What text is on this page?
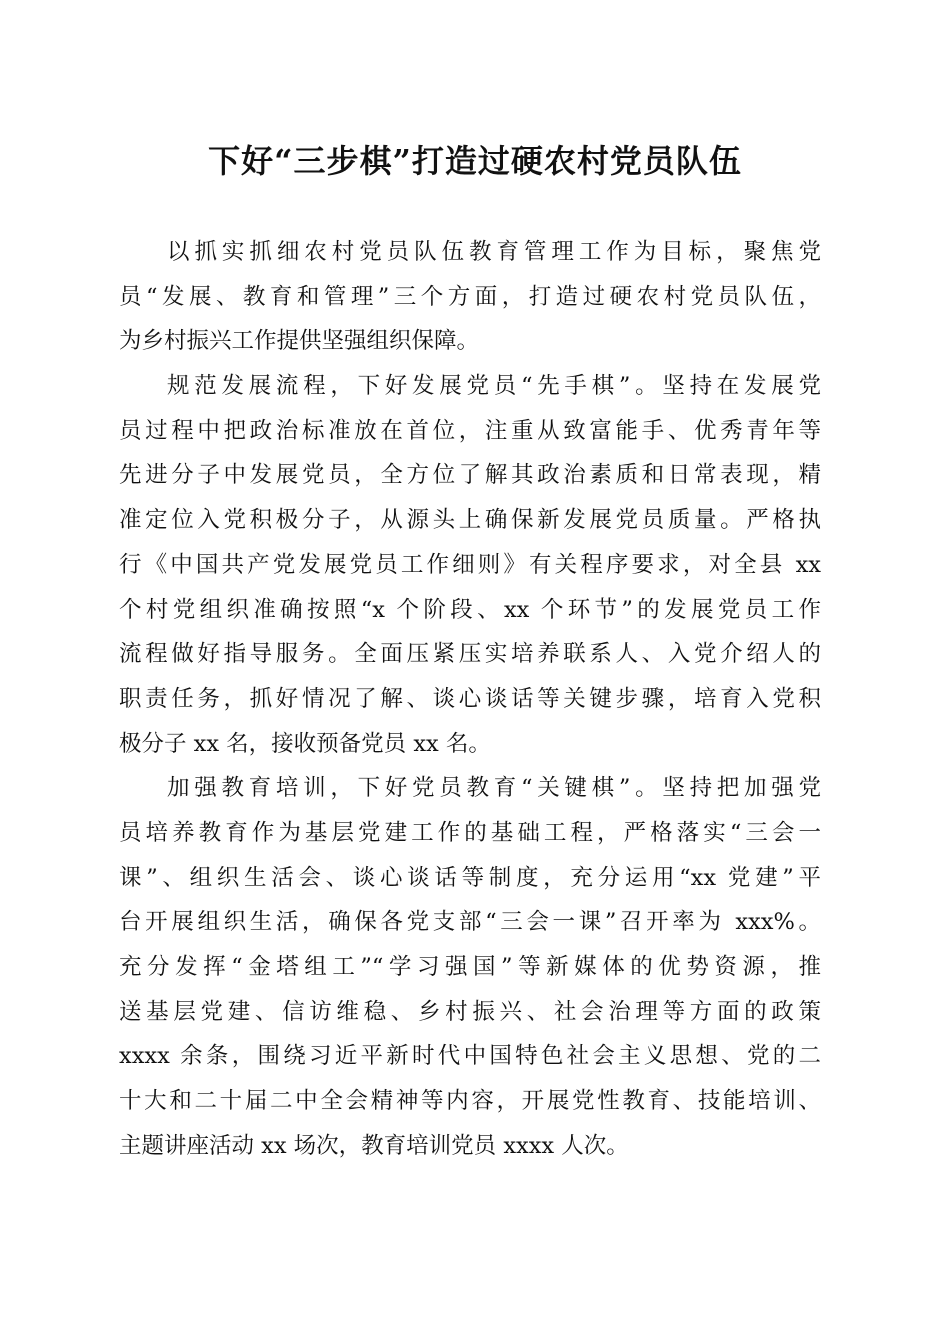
下好“三步棋”打造过硬农村党员队伍
以抓实抓细农村党员队伍教育管理工作为目标，聚焦党
员“发展、教育和管理”三个方面，打造过硬农村党员队伍，
为乡村振兴工作提供坚强组织保障。
规范发展流程，下好发展党员“先手棋”。坚持在发展党
员过程中把政治标准放在首位，注重从致富能手、优秀青年等
先进分子中发展党员，全方位了解其政治素质和日常表现，精
准定位入党积极分子，从源头上确保新发展党员质量。严格执
行《中国共产党发展党员工作细则》有关程序要求，对全县 xx
个村党组织准确按照“x 个阶段、xx 个环节”的发展党员工作
流程做好指导服务。全面压紧压实培养联系人、入党介绍人的
职责任务，抓好情况了解、谈心谈话等关键步骤，培育入党积
极分子 xx 名，接收预备党员 xx 名。
加强教育培训，下好党员教育“关键棋”。坚持把加强党
员培养教育作为基层党建工作的基础工程，严格落实“三会一
课”、组织生活会、谈心谈话等制度，充分运用“xx 党建”平
台开展组织生活，确保各党支部“三会一课”召开率为 xxx%。
充分发挥“金塔组工”“学习强国”等新媒体的优势资源，推
送基层党建、信访维稳、乡村振兴、社会治理等方面的政策
xxxx 余条，围绕习近平新时代中国特色社会主义思想、党的二
十大和二十届二中全会精神等内容，开展党性教育、技能培训、
主题讲座活动 xx 场次，教育培训党员 xxxx 人次。
